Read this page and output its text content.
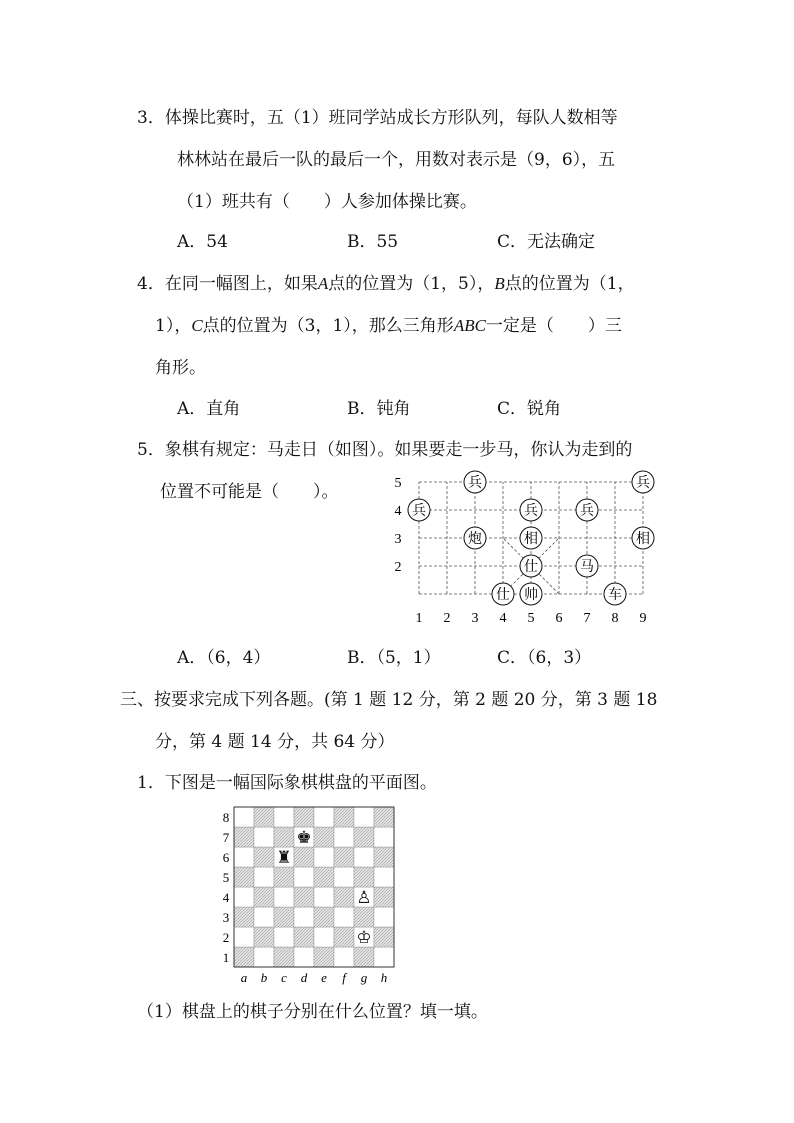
3．体操比赛时，五（1）班同学站成长方形队列，每队人数相等
林林站在最后一队的最后一个，用数对表示是（9，6），五
（1）班共有（　　）人参加体操比赛。
A．54	B．55	C．无法确定
4．在同一幅图上，如果A点的位置为（1，5），B点的位置为（1，
1），C点的位置为（3，1），那么三角形ABC一定是（　　）三
角形。
A．直角	B．钝角	C．锐角
5．象棋有规定：马走日（如图）。如果要走一步马，你认为走到的
位置不可能是（　　）。
1 2 3 4 5 6 7 8 9
2
3
4
5	兵	兵
兵	兵	兵
炮	相	相
仕	马
仕 帅	车
A．（6，4）	B．（5，1）	C．（6，3）
三、按要求完成下列各题。(第 1 题 12 分，第 2 题 20 分，第 3 题 18
分，第 4 题 14 分，共 64 分）
1．下图是一幅国际象棋棋盘的平面图。
1
2
3
4
5
6
7
8
a b c d e f g h
♚
♜
♙
♔
（1）棋盘上的棋子分别在什么位置？填一填。
